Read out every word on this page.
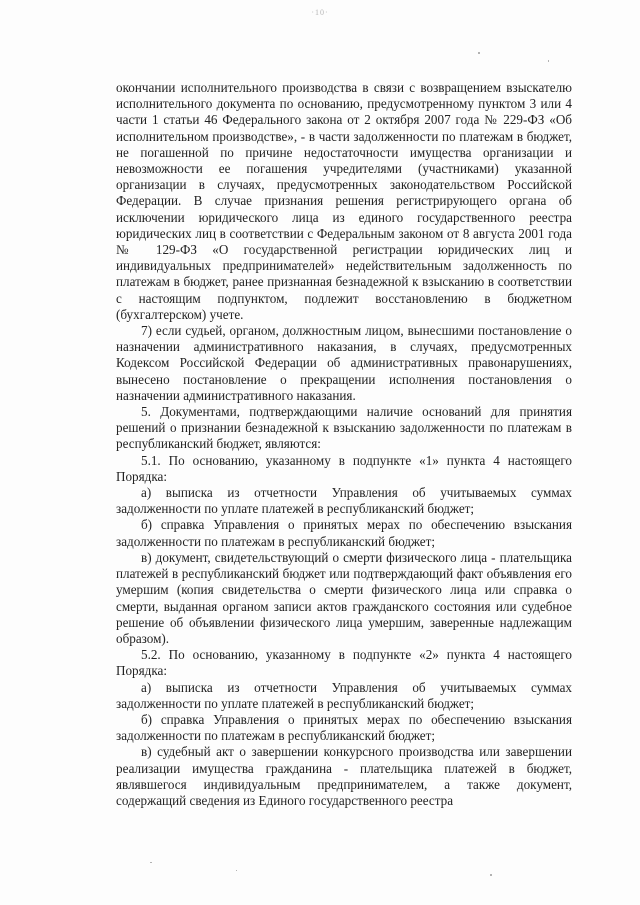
·10·

окончании исполнительного производства в связи с возвращением взыскателю исполнительного документа по основанию, предусмотренному пунктом 3 или 4 части 1 статьи 46 Федерального закона от 2 октября 2007 года № 229-ФЗ «Об исполнительном производстве», - в части задолженности по платежам в бюджет, не погашенной по причине недостаточности имущества организации и невозможности ее погашения учредителями (участниками) указанной организации в случаях, предусмотренных законодательством Российской Федерации. В случае признания решения регистрирующего органа об исключении юридического лица из единого государственного реестра юридических лиц в соответствии с Федеральным законом от 8 августа 2001 года № 129-ФЗ «О государственной регистрации юридических лиц и индивидуальных предпринимателей» недействительным задолженность по платежам в бюджет, ранее признанная безнадежной к взысканию в соответствии с настоящим подпунктом, подлежит восстановлению в бюджетном (бухгалтерском) учете.

7) если судьей, органом, должностным лицом, вынесшими постановление о назначении административного наказания, в случаях, предусмотренных Кодексом Российской Федерации об административных правонарушениях, вынесено постановление о прекращении исполнения постановления о назначении административного наказания.

5. Документами, подтверждающими наличие оснований для принятия решений о признании безнадежной к взысканию задолженности по платежам в республиканский бюджет, являются:

5.1. По основанию, указанному в подпункте «1» пункта 4 настоящего Порядка:

а) выписка из отчетности Управления об учитываемых суммах задолженности по уплате платежей в республиканский бюджет;

б) справка Управления о принятых мерах по обеспечению взыскания задолженности по платежам в республиканский бюджет;

в) документ, свидетельствующий о смерти физического лица - плательщика платежей в республиканский бюджет или подтверждающий факт объявления его умершим (копия свидетельства о смерти физического лица или справка о смерти, выданная органом записи актов гражданского состояния или судебное решение об объявлении физического лица умершим, заверенные надлежащим образом).

5.2. По основанию, указанному в подпункте «2» пункта 4 настоящего Порядка:

а) выписка из отчетности Управления об учитываемых суммах задолженности по уплате платежей в республиканский бюджет;

б) справка Управления о принятых мерах по обеспечению взыскания задолженности по платежам в республиканский бюджет;

в) судебный акт о завершении конкурсного производства или завершении реализации имущества гражданина - плательщика платежей в бюджет, являвшегося индивидуальным предпринимателем, а также документ, содержащий сведения из Единого государственного реестра
